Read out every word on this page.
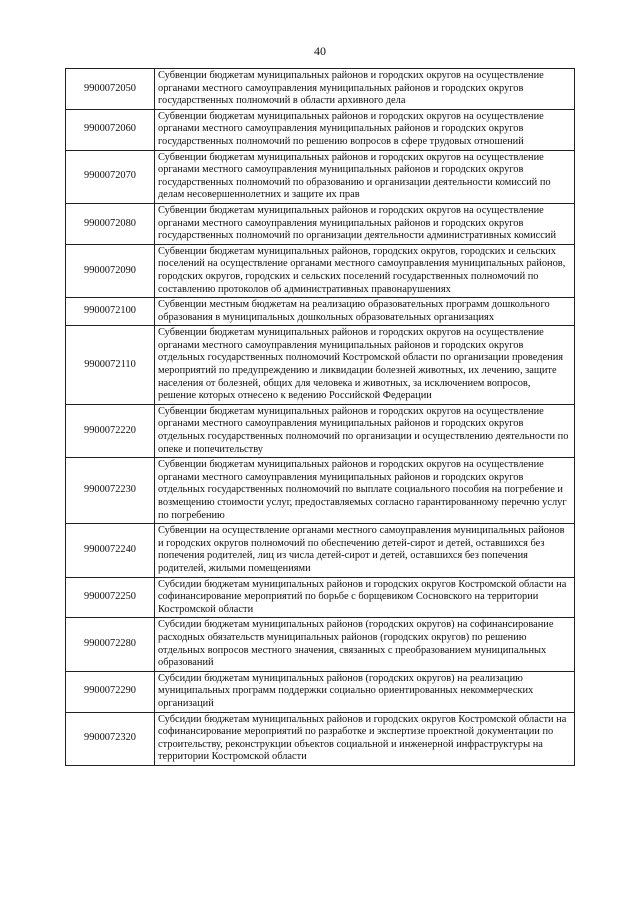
40
9900072050	Субвенции бюджетам муниципальных районов и городских округов на осуществление органами местного самоуправления муниципальных районов и городских округов государственных полномочий в области архивного дела
9900072060	Субвенции бюджетам муниципальных районов и городских округов на осуществление органами местного самоуправления муниципальных районов и городских округов государственных полномочий по решению вопросов в сфере трудовых отношений
9900072070	Субвенции бюджетам муниципальных районов и городских округов на осуществление органами местного самоуправления муниципальных районов и городских округов государственных полномочий по образованию и организации деятельности комиссий по делам несовершеннолетних и защите их прав
9900072080	Субвенции бюджетам муниципальных районов и городских округов на осуществление органами местного самоуправления муниципальных районов и городских округов государственных полномочий по организации деятельности административных комиссий
9900072090	Субвенции бюджетам муниципальных районов, городских округов, городских и сельских поселений на осуществление органами местного самоуправления муниципальных районов, городских округов, городских и сельских поселений государственных полномочий по составлению протоколов об административных правонарушениях
9900072100	Субвенции местным бюджетам на реализацию образовательных программ дошкольного образования в муниципальных дошкольных образовательных организациях
9900072110	Субвенции бюджетам муниципальных районов и городских округов на осуществление органами местного самоуправления муниципальных районов и городских округов отдельных государственных полномочий Костромской области по организации проведения мероприятий по предупреждению и ликвидации болезней животных, их лечению, защите населения от болезней, общих для человека и животных, за исключением вопросов, решение которых отнесено к ведению Российской Федерации
9900072220	Субвенции бюджетам муниципальных районов и городских округов на осуществление органами местного самоуправления муниципальных районов и городских округов отдельных государственных полномочий по организации и осуществлению деятельности по опеке и попечительству
9900072230	Субвенции бюджетам муниципальных районов и городских округов на осуществление органами местного самоуправления муниципальных районов и городских округов отдельных государственных полномочий по выплате социального пособия на погребение и возмещению стоимости услуг, предоставляемых согласно гарантированному перечню услуг по погребению
9900072240	Субвенции на осуществление органами местного самоуправления муниципальных районов и городских округов полномочий по обеспечению детей-сирот и детей, оставшихся без попечения родителей, лиц из числа детей-сирот и детей, оставшихся без попечения родителей, жилыми помещениями
9900072250	Субсидии бюджетам муниципальных районов и городских округов Костромской области на софинансирование мероприятий по борьбе с борщевиком Сосновского на территории Костромской области
9900072280	Субсидии бюджетам муниципальных районов (городских округов) на софинансирование расходных обязательств муниципальных районов (городских округов) по решению отдельных вопросов местного значения, связанных с преобразованием муниципальных образований
9900072290	Субсидии бюджетам муниципальных районов (городских округов) на реализацию муниципальных программ поддержки социально ориентированных некоммерческих организаций
9900072320	Субсидии бюджетам муниципальных районов и городских округов Костромской области на софинансирование мероприятий по разработке и экспертизе проектной документации по строительству, реконструкции объектов социальной и инженерной инфраструктуры на территории Костромской области
